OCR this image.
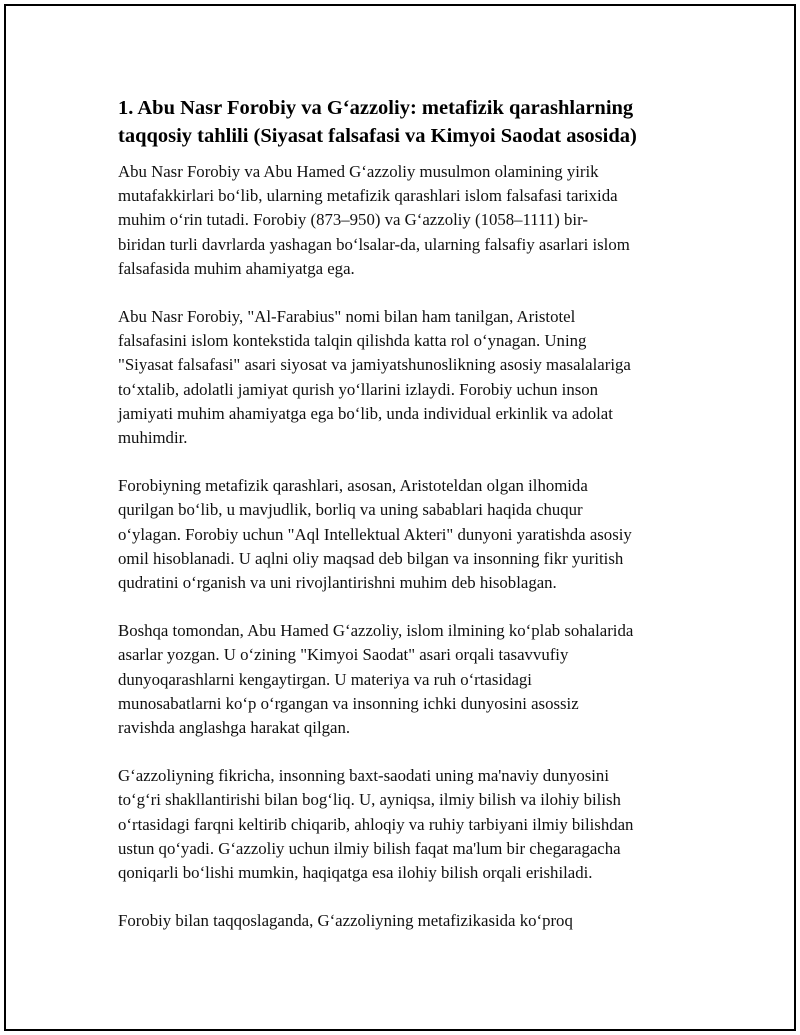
1. Abu Nasr Forobiy va G‘azzoliy: metafizik qarashlarning
taqqosiy tahlili (Siyasat falsafasi va Kimyoi Saodat asosida)

Abu Nasr Forobiy va Abu Hamed G‘azzoliy musulmon olamining yirik
mutafakkirlari bo‘lib, ularning metafizik qarashlari islom falsafasi tarixida
muhim o‘rin tutadi. Forobiy (873–950) va G‘azzoliy (1058–1111) bir-
biridan turli davrlarda yashagan bo‘lsalar-da, ularning falsafiy asarlari islom
falsafasida muhim ahamiyatga ega.

Abu Nasr Forobiy, "Al-Farabius" nomi bilan ham tanilgan, Aristotel
falsafasini islom kontekstida talqin qilishda katta rol o‘ynagan. Uning
"Siyasat falsafasi" asari siyosat va jamiyatshunoslikning asosiy masalalariga
to‘xtalib, adolatli jamiyat qurish yo‘llarini izlaydi. Forobiy uchun inson
jamiyati muhim ahamiyatga ega bo‘lib, unda individual erkinlik va adolat
muhimdir.

Forobiyning metafizik qarashlari, asosan, Aristoteldan olgan ilhomida
qurilgan bo‘lib, u mavjudlik, borliq va uning sabablari haqida chuqur
o‘ylagan. Forobiy uchun "Aql Intellektual Akteri" dunyoni yaratishda asosiy
omil hisoblanadi. U aqlni oliy maqsad deb bilgan va insonning fikr yuritish
qudratini o‘rganish va uni rivojlantirishni muhim deb hisoblagan.

Boshqa tomondan, Abu Hamed G‘azzoliy, islom ilmining ko‘plab sohalarida
asarlar yozgan. U o‘zining "Kimyoi Saodat" asari orqali tasavvufiy
dunyoqarashlarni kengaytirgan. U materiya va ruh o‘rtasidagi
munosabatlarni ko‘p o‘rgangan va insonning ichki dunyosini asossiz
ravishda anglashga harakat qilgan.

G‘azzoliyning fikricha, insonning baxt-saodati uning ma'naviy dunyosini
to‘g‘ri shakllantirishi bilan bog‘liq. U, ayniqsa, ilmiy bilish va ilohiy bilish
o‘rtasidagi farqni keltirib chiqarib, ahloqiy va ruhiy tarbiyani ilmiy bilishdan
ustun qo‘yadi. G‘azzoliy uchun ilmiy bilish faqat ma'lum bir chegaragacha
qoniqarli bo‘lishi mumkin, haqiqatga esa ilohiy bilish orqali erishiladi.

Forobiy bilan taqqoslaganda, G‘azzoliyning metafizikasida ko‘proq
